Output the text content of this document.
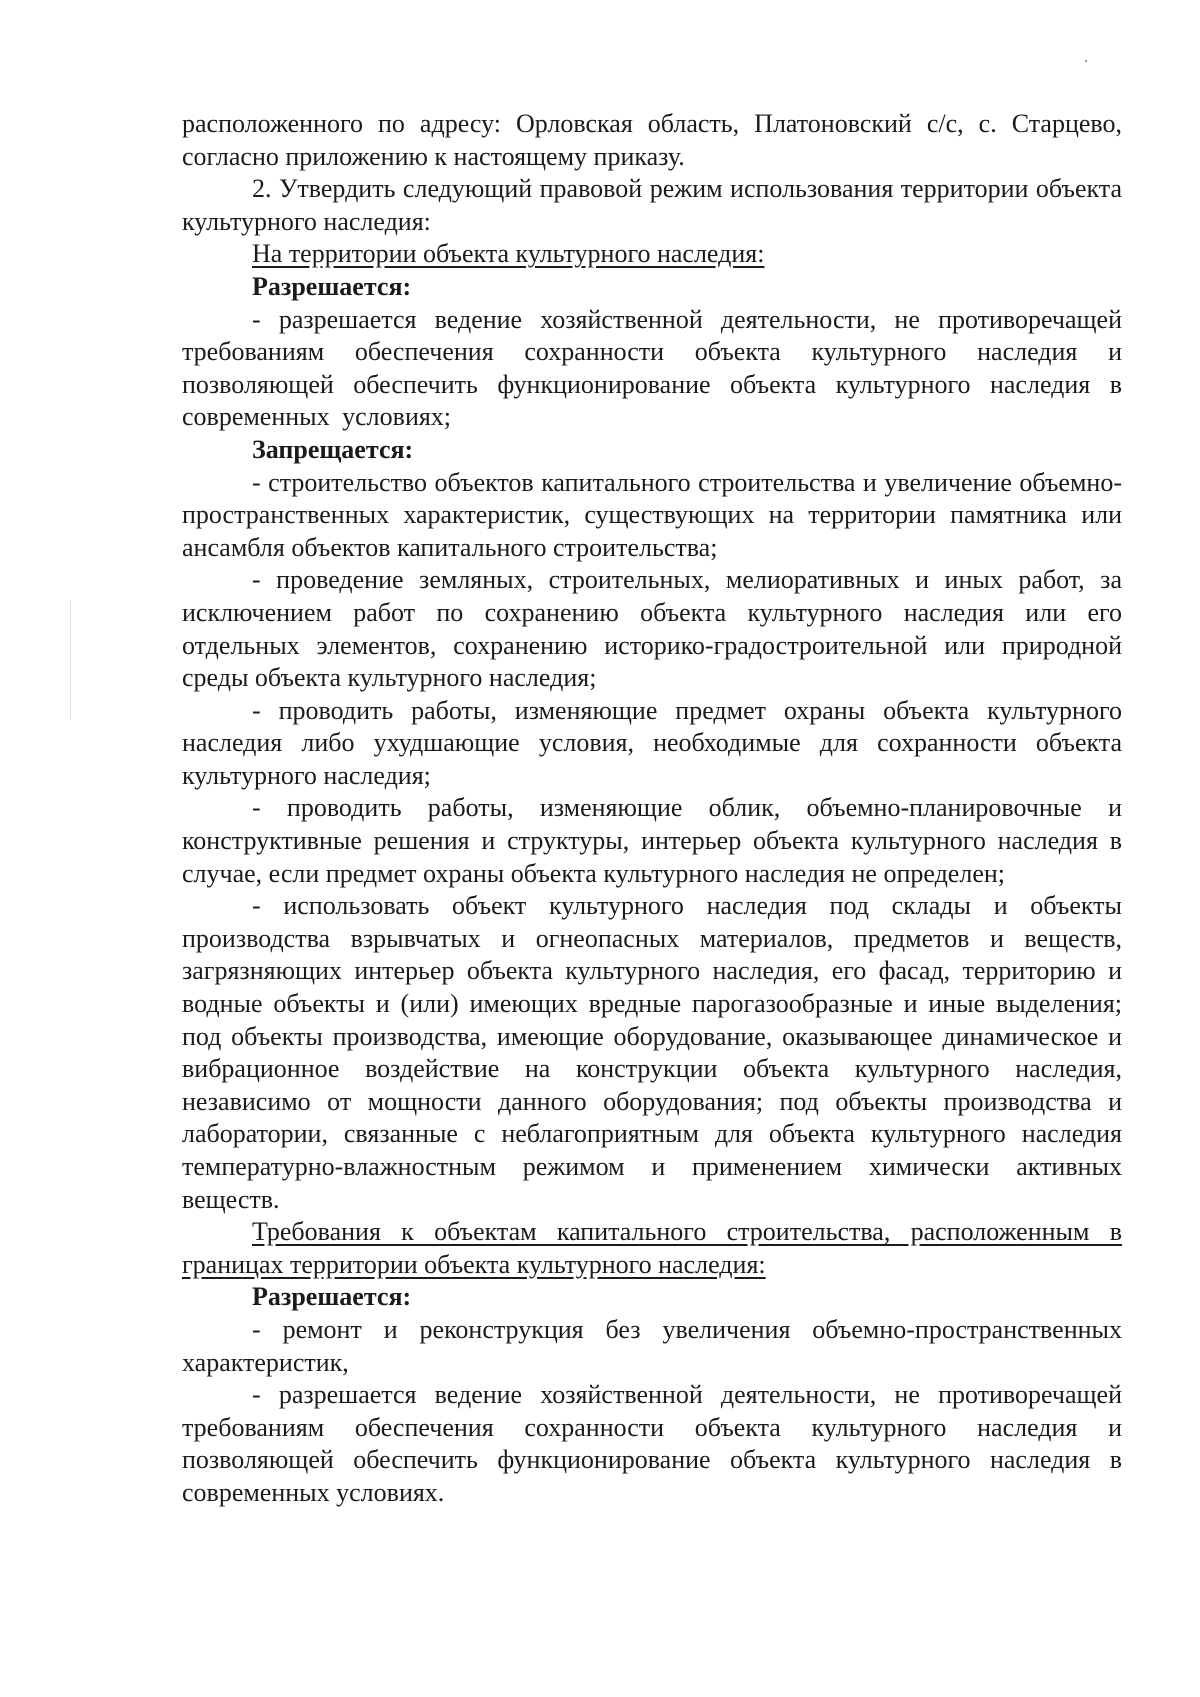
расположенного по адресу: Орловская область, Платоновский с/с, с. Старцево, согласно приложению к настоящему приказу.

2. Утвердить следующий правовой режим использования территории объекта культурного наследия:

На территории объекта культурного наследия:

Разрешается:

- разрешается ведение хозяйственной деятельности, не противоречащей требованиям обеспечения сохранности объекта культурного наследия и позволяющей обеспечить функционирование объекта культурного наследия в современных условиях;

Запрещается:

- строительство объектов капитального строительства и увеличение объемно-пространственных характеристик, существующих на территории памятника или ансамбля объектов капитального строительства;

- проведение земляных, строительных, мелиоративных и иных работ, за исключением работ по сохранению объекта культурного наследия или его отдельных элементов, сохранению историко-градостроительной или природной среды объекта культурного наследия;

- проводить работы, изменяющие предмет охраны объекта культурного наследия либо ухудшающие условия, необходимые для сохранности объекта культурного наследия;

- проводить работы, изменяющие облик, объемно-планировочные и конструктивные решения и структуры, интерьер объекта культурного наследия в случае, если предмет охраны объекта культурного наследия не определен;

- использовать объект культурного наследия под склады и объекты производства взрывчатых и огнеопасных материалов, предметов и веществ, загрязняющих интерьер объекта культурного наследия, его фасад, территорию и водные объекты и (или) имеющих вредные парогазообразные и иные выделения; под объекты производства, имеющие оборудование, оказывающее динамическое и вибрационное воздействие на конструкции объекта культурного наследия, независимо от мощности данного оборудования; под объекты производства и лаборатории, связанные с неблагоприятным для объекта культурного наследия температурно-влажностным режимом и применением химически активных веществ.

Требования к объектам капитального строительства, расположенным в границах территории объекта культурного наследия:

Разрешается:

- ремонт и реконструкция без увеличения объемно-пространственных характеристик,

- разрешается ведение хозяйственной деятельности, не противоречащей требованиям обеспечения сохранности объекта культурного наследия и позволяющей обеспечить функционирование объекта культурного наследия в современных условиях.
